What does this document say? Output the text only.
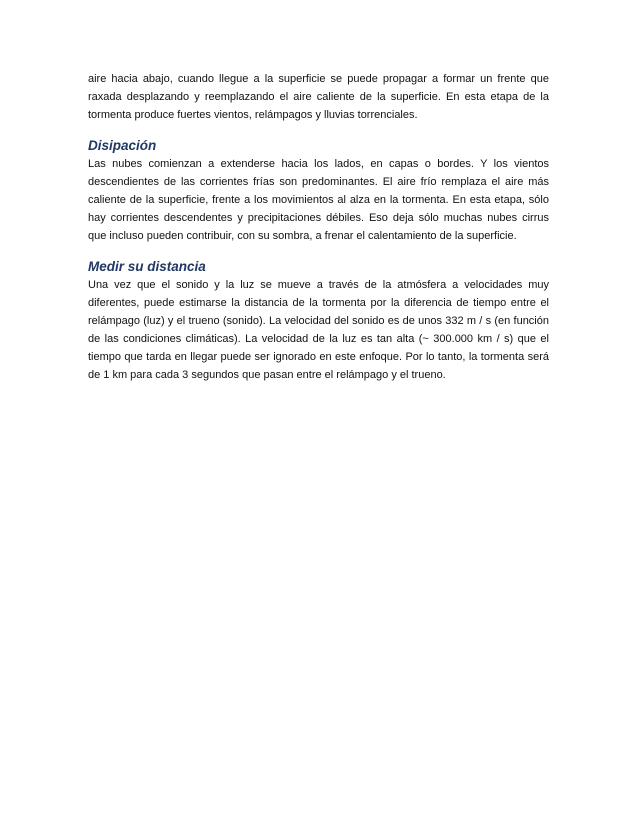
aire hacia abajo, cuando llegue a la superficie se puede propagar a formar un frente que raxada desplazando y reemplazando el aire caliente de la superficie. En esta etapa de la tormenta produce fuertes vientos, relámpagos y lluvias torrenciales.

Disipación

Las nubes comienzan a extenderse hacia los lados, en capas o bordes. Y los vientos descendientes de las corrientes frías son predominantes. El aire frío remplaza el aire más caliente de la superficie, frente a los movimientos al alza en la tormenta. En esta etapa, sólo hay corrientes descendentes y precipitaciones débiles. Eso deja sólo muchas nubes cirrus que incluso pueden contribuir, con su sombra, a frenar el calentamiento de la superficie.

Medir su distancia

Una vez que el sonido y la luz se mueve a través de la atmósfera a velocidades muy diferentes, puede estimarse la distancia de la tormenta por la diferencia de tiempo entre el relámpago (luz) y el trueno (sonido). La velocidad del sonido es de unos 332 m / s (en función de las condiciones climáticas). La velocidad de la luz es tan alta (~ 300.000 km / s) que el tiempo que tarda en llegar puede ser ignorado en este enfoque. Por lo tanto, la tormenta será de 1 km para cada 3 segundos que pasan entre el relámpago y el trueno.
